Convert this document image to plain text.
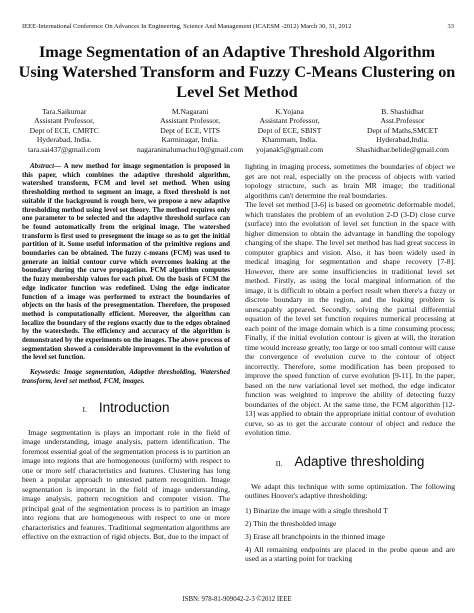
IEEE-International Conference On Advances In Engineering, Science And Management (ICAESM -2012) March 30, 31, 2012	33
Image Segmentation of an Adaptive Threshold Algorithm Using Watershed Transform and Fuzzy C-Means Clustering on Level Set Method
Tara.Saikumar
Assistant Professor,
Dept of ECE, CMRTC
Hyderabad, India.
tara.sai437@gmail.com
M.Nagarani
Assistant Professor,
Dept of ECE, VITS
Karminagar, India.
nagaraninalumachu10@gmail.com
K.Yojana
Assistant Professor,
Dept of ECE, SBIST
Khammam, India.
yojanak5@gmail.com
B. Shashidhar
Asst.Professor
Dept of Maths,SMCET
Hyderabad,India.
Shashidhar.belide@gmail.com

Abstract— A new method for image segmentation is proposed in this paper, which combines the adaptive threshold algorithm, watershed transform, FCM and level set method. When using thresholding method to segment an image, a fixed threshold is not suitable if the background is rough here, we propose a new adaptive thresholding method using level set theory. The method requires only one parameter to be selected and the adaptive threshold surface can be found automatically from the original image. The watershed transform is first used to presegment the image so as to get the initial partition of it. Some useful information of the primitive regions and boundaries can be obtained. The fuzzy c-means (FCM) was used to generate an initial contour curve which overcomes leaking at the boundary during the curve propagation. FCM algorithm computes the fuzzy membership values for each pixel. On the basis of FCM the edge indicator function was redefined. Using the edge indicator function of a image was performed to extract the boundaries of objects on the basis of the presegmentation. Therefore, the proposed method is computationally efficient. Moreover, the algorithm can localize the boundary of the regions exactly due to the edges obtained by the watersheds. The efficiency and accuracy of the algorithm is demonstrated by the experiments on the images. The above process of segmentation showed a considerable improvement in the evolution of the level set function.

Keywords: Image segmentation, Adaptive thresholding, Watershed transform, level set method, FCM, images.

I. Introduction

Image segmentation is plays an important role in the field of image understanding, image analysis, pattern identification. The foremost essential goal of the segmentation process is to partition an image into regions that are homogeneous (uniform) with respect to one or more self characteristics and features. Clustering has long been a popular approach to untested pattern recognition. Image segmentation is important in the field of image understanding, image analysis, pattern recognition and computer vision. The principal goal of the segmentation process is to partition an image into regions that are homogeneous with respect to one or more characteristics and features. Traditional segmentation algorithms are effective on the extraction of rigid objects. But, due to the impact of

lighting in imaging process, sometimes the boundaries of object we get are not real, especially on the process of objects with varied topology structure, such as brain MR image; the traditional algorithms can't determine the real boundaries.

The level set method [3-6] is based on geometric deformable model, which translates the problem of an evolution 2-D (3-D) close curve (surface) into the evolution of level set function in the space with higher dimension to obtain the advantage in handling the topology changing of the shape. The level set method has had great success in computer graphics and vision. Also, it has been widely used in medical imaging for segmentation and shape recovery [7-8]. However, there are some insufficiencies in traditional level set method. Firstly, as using the local marginal information of the image, it is difficult to obtain a perfect result when there's a fuzzy or discrete boundary in the region, and the leaking problem is unescapably appeared. Secondly, solving the partial differential equation of the level set function requires numerical processing at each point of the image domain which is a time consuming process; Finally, if the initial evolution contour is given at will, the iteration time would increase greatly, too large or too small contour will cause the convergence of evolution curve to the contour of object incorrectly. Therefore, some modification has been proposed to improve the speed function of curve evolution [9-11]. In the paper, based on the new variational level set method, the edge indicator function was weighted to improve the ability of detecting fuzzy boundaries of the object. At the same time, the FCM algorithm [12-13] was applied to obtain the appropriate initial contour of evolution curve, so as to get the accurate contour of object and reduce the evolution time.

II. Adaptive thresholding

We adapt this technique with some optimization. The following outlines Hoover's adaptive thresholding:

1) Binarize the image with a single threshold T

2) Thin the thresholded image

3) Erase all branchpoints in the thinned image

4) All remaining endpoints are placed in the probe queue and are used as a starting point for tracking

ISBN: 978-81-909042-2-3 ©2012 IEEE
